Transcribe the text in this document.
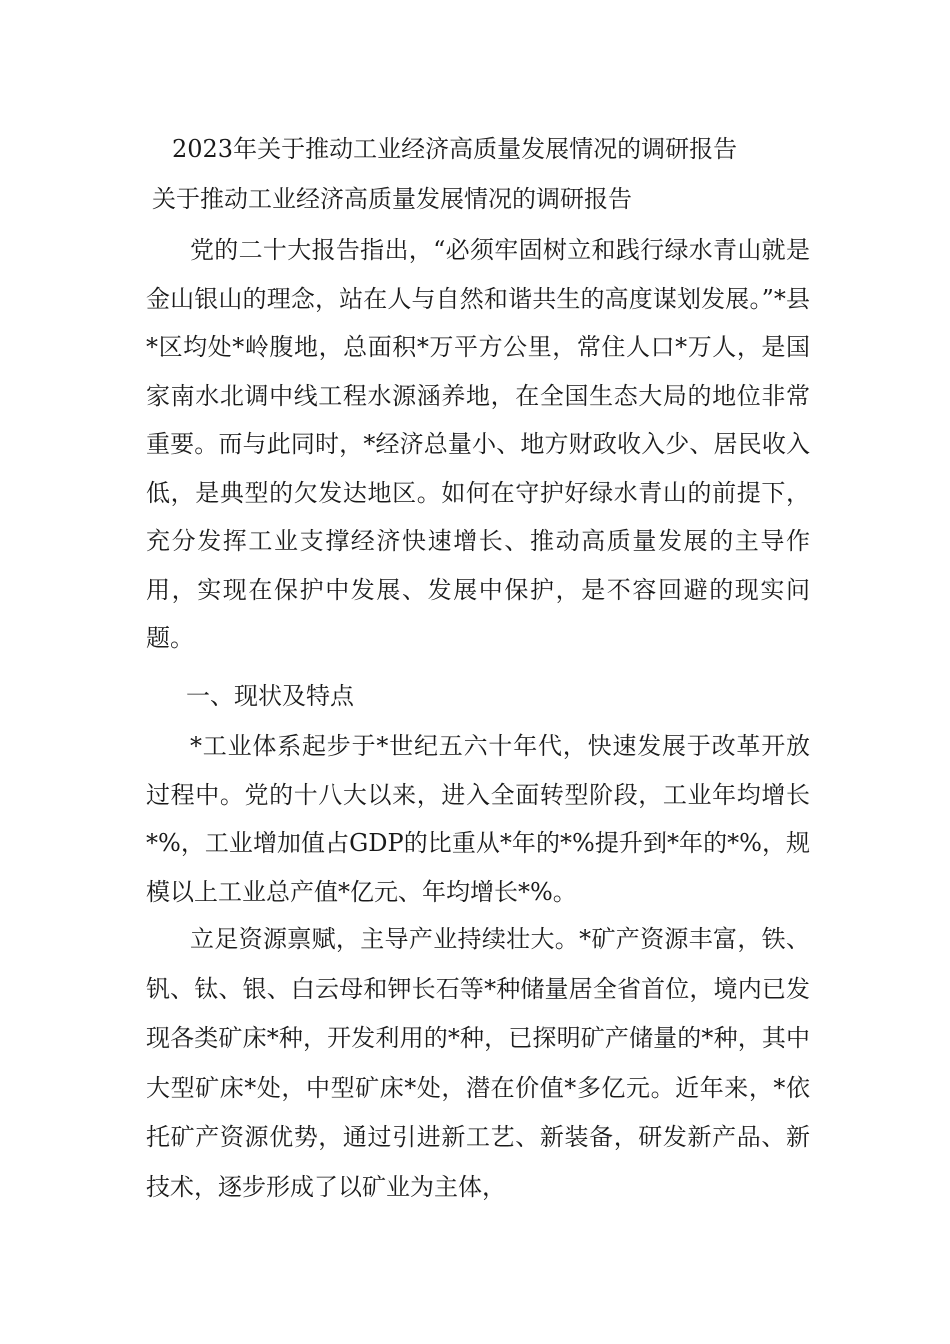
2023年关于推动工业经济高质量发展情况的调研报告
关于推动工业经济高质量发展情况的调研报告

党的二十大报告指出，“必须牢固树立和践行绿水青山就是金山银山的理念，站在人与自然和谐共生的高度谋划发展。”*县*区均处*岭腹地，总面积*万平方公里，常住人口*万人，是国家南水北调中线工程水源涵养地，在全国生态大局的地位非常重要。而与此同时，*经济总量小、地方财政收入少、居民收入低，是典型的欠发达地区。如何在守护好绿水青山的前提下，充分发挥工业支撑经济快速增长、推动高质量发展的主导作用，实现在保护中发展、发展中保护，是不容回避的现实问题。

一、现状及特点

*工业体系起步于*世纪五六十年代，快速发展于改革开放过程中。党的十八大以来，进入全面转型阶段，工业年均增长*%，工业增加值占GDP的比重从*年的*%提升到*年的*%，规模以上工业总产值*亿元、年均增长*%。

立足资源禀赋，主导产业持续壮大。*矿产资源丰富，铁、钒、钛、银、白云母和钾长石等*种储量居全省首位，境内已发现各类矿床*种，开发利用的*种，已探明矿产储量的*种，其中大型矿床*处，中型矿床*处，潜在价值*多亿元。近年来，*依托矿产资源优势，通过引进新工艺、新装备，研发新产品、新技术，逐步形成了以矿业为主体，
